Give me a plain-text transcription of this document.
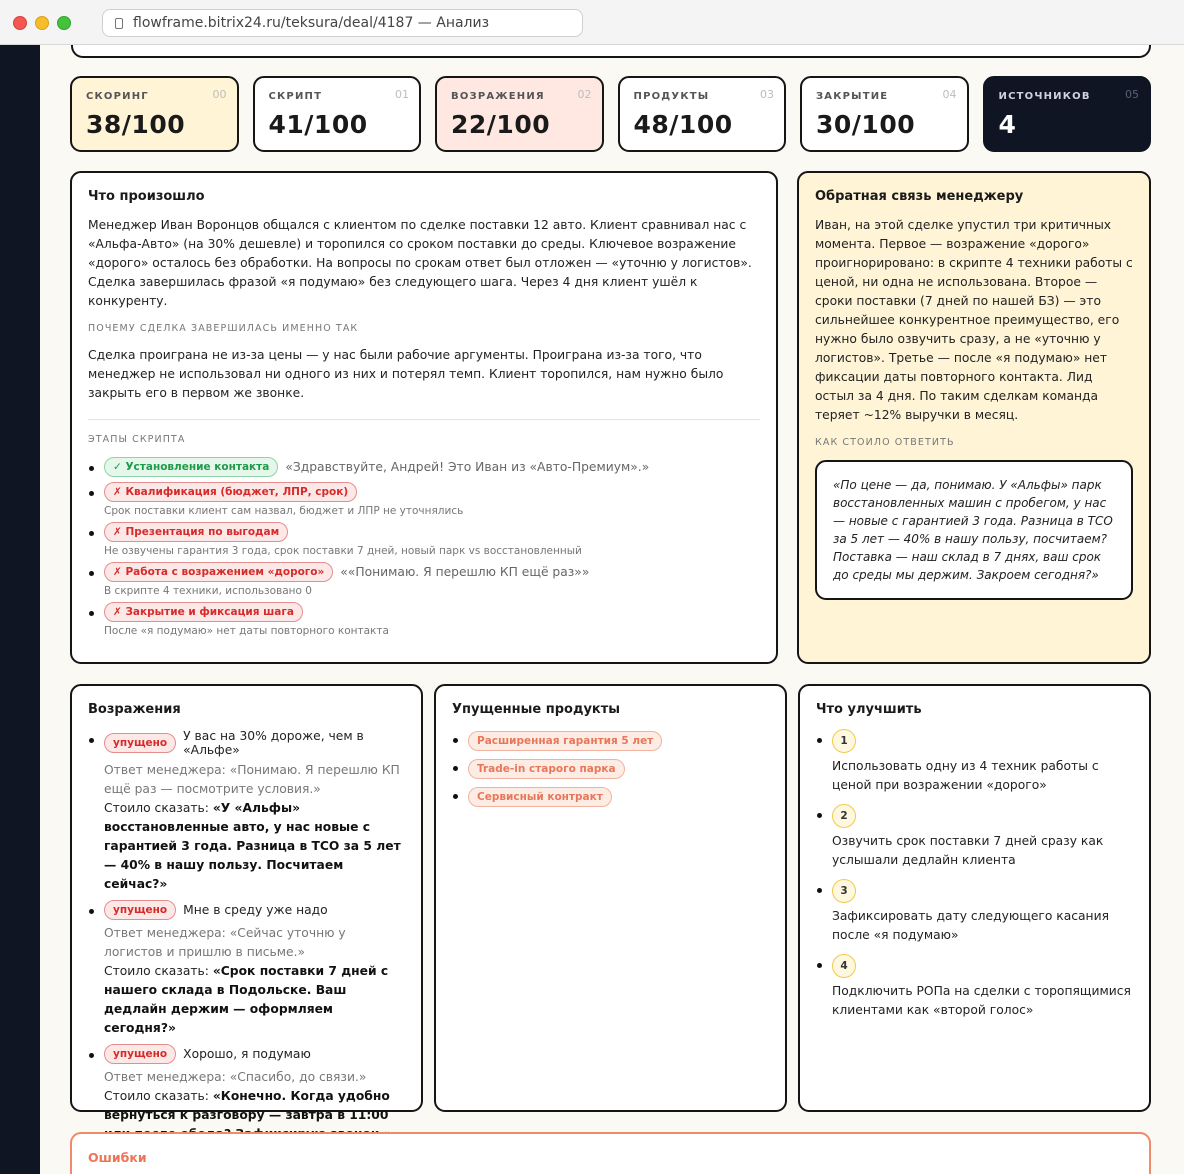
flowframe.bitrix24.ru/teksura/deal/4187 — Анализ
СКОРИНГ
38/100
00	СКРИПТ
41/100
01	ВОЗРАЖЕНИЯ
22/100
02	ПРОДУКТЫ
48/100
03	ЗАКРЫТИЕ
30/100
04	ИСТОЧНИКОВ
4
05
Что произошло
Менеджер Иван Воронцов общался с клиентом по сделке поставки 12 авто. Клиент сравнивал нас с «Альфа-Авто» (на 30% дешевле) и торопился со сроком поставки до среды. Ключевое возражение «дорого» осталось без обработки. На вопросы по срокам ответ был отложен — «уточню у логистов». Сделка завершилась фразой «я подумаю» без следующего шага. Через 4 дня клиент ушёл к конкуренту.
ПОЧЕМУ СДЕЛКА ЗАВЕРШИЛАСЬ ИМЕННО ТАК
Сделка проиграна не из-за цены — у нас были рабочие аргументы. Проиграна из-за того, что менеджер не использовал ни одного из них и потерял темп. Клиент торопился, нам нужно было закрыть его в первом же звонке.
ЭТАПЫ СКРИПТА
✓ Установление контакта	«Здравствуйте, Андрей! Это Иван из «Авто-Премиум».»
✗ Квалификация (бюджет, ЛПР, срок)
Срок поставки клиент сам назвал, бюджет и ЛПР не уточнялись
✗ Презентация по выгодам
Не озвучены гарантия 3 года, срок поставки 7 дней, новый парк vs восстановленный
✗ Работа с возражением «дорого»	««Понимаю. Я перешлю КП ещё раз»»
В скрипте 4 техники, использовано 0
✗ Закрытие и фиксация шага
После «я подумаю» нет даты повторного контакта
Обратная связь менеджеру
Иван, на этой сделке упустил три критичных момента. Первое — возражение «дорого» проигнорировано: в скрипте 4 техники работы с ценой, ни одна не использована. Второе — сроки поставки (7 дней по нашей БЗ) — это сильнейшее конкурентное преимущество, его нужно было озвучить сразу, а не «уточню у логистов». Третье — после «я подумаю» нет фиксации даты повторного контакта. Лид остыл за 4 дня. По таким сделкам команда теряет ~12% выручки в месяц.
КАК СТОИЛО ОТВЕТИТЬ
«По цене — да, понимаю. У «Альфы» парк восстановленных машин с пробегом, у нас — новые с гарантией 3 года. Разница в TCO за 5 лет — 40% в нашу пользу, посчитаем? Поставка — наш склад в 7 днях, ваш срок до среды мы держим. Закроем сегодня?»
Возражения
упущено	У вас на 30% дороже, чем в «Альфе»
Ответ менеджера: «Понимаю. Я перешлю КП ещё раз — посмотрите условия.»
Стоило сказать: «У «Альфы» восстановленные авто, у нас новые с гарантией 3 года. Разница в TCO за 5 лет — 40% в нашу пользу. Посчитаем сейчас?»
упущено	Мне в среду уже надо
Ответ менеджера: «Сейчас уточню у логистов и пришлю в письме.»
Стоило сказать: «Срок поставки 7 дней с нашего склада в Подольске. Ваш дедлайн держим — оформляем сегодня?»
упущено	Хорошо, я подумаю
Ответ менеджера: «Спасибо, до связи.»
Стоило сказать: «Конечно. Когда удобно вернуться к разговору — завтра в 11:00
Упущенные продукты
Расширенная гарантия 5 лет
Trade-in старого парка
Сервисный контракт
Что улучшить
1
Использовать одну из 4 техник работы с ценой при возражении «дорого»
2
Озвучить срок поставки 7 дней сразу как услышали дедлайн клиента
3
Зафиксировать дату следующего касания после «я подумаю»
4
Подключить РОПа на сделки с торопящимися клиентами как «второй голос»
Ошибки
